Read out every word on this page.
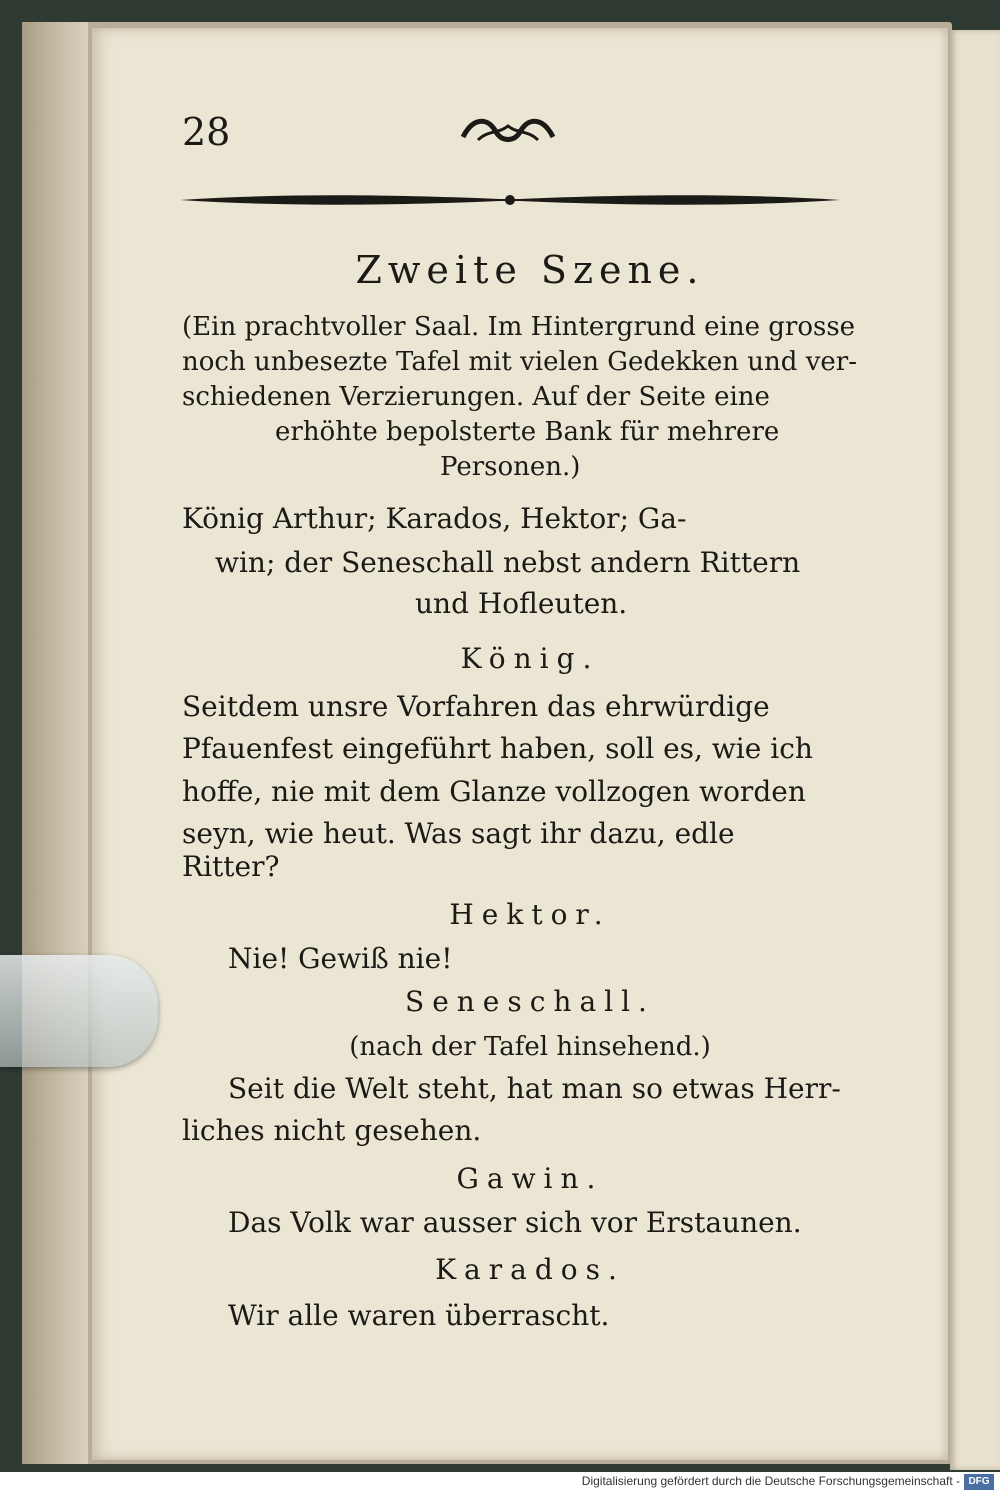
28
Zweite Szene.
(Ein prachtvoller Saal. Im Hintergrund eine grosse
noch unbesezte Tafel mit vielen Gedekken und ver-
schiedenen Verzierungen. Auf der Seite eine
erhöhte bepolsterte Bank für mehrere
Personen.)
König Arthur; Karados, Hektor; Ga-
win; der Seneschall nebst andern Rittern
und Hofleuten.
König.
Seitdem unsre Vorfahren das ehrwürdige
Pfauenfest eingeführt haben, soll es, wie ich
hoffe, nie mit dem Glanze vollzogen worden
seyn, wie heut. Was sagt ihr dazu, edle
Ritter?
Hektor.
Nie! Gewiß nie!
Seneschall.
(nach der Tafel hinsehend.)
Seit die Welt steht, hat man so etwas Herr-
liches nicht gesehen.
Gawin.
Das Volk war ausser sich vor Erstaunen.
Karados.
Wir alle waren überrascht.
Digitalisierung gefördert durch die Deutsche Forschungsgemeinschaft - DFG
